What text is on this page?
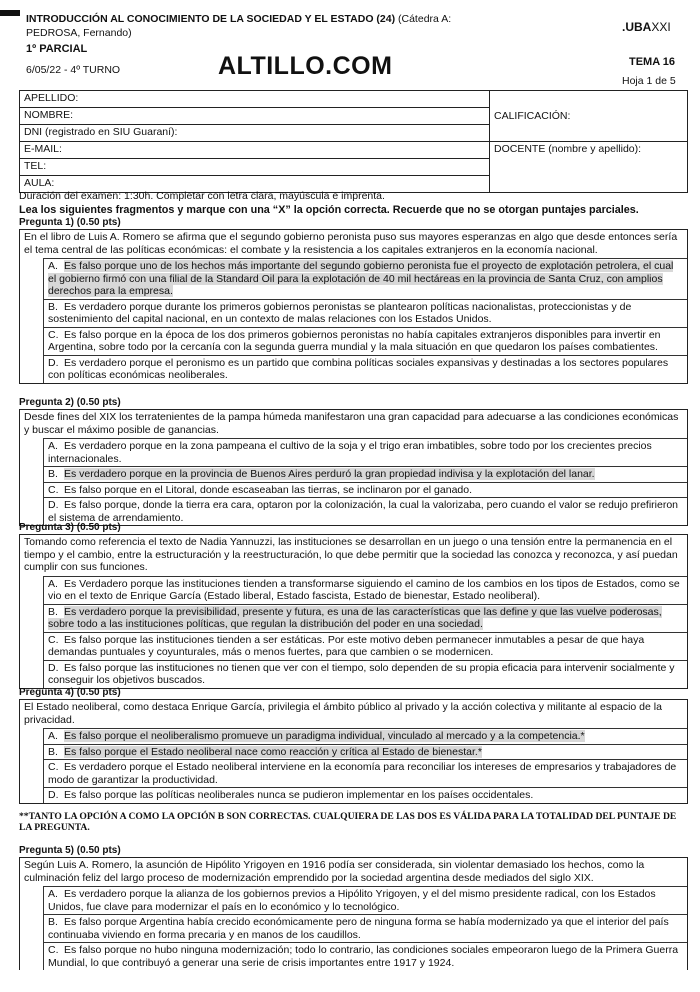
INTRODUCCIÓN AL CONOCIMIENTO DE LA SOCIEDAD Y EL ESTADO (24) (Cátedra A: PEDROSA, Fernando)
1º PARCIAL
6/05/22 - 4º TURNO	ALTILLO.COM
.UBAXXI
TEMA 16
Hoja 1 de 5
APELLIDO:	CALIFICACIÓN:
NOMBRE:	
DNI (registrado en SIU Guaraní):	
E-MAIL:	DOCENTE (nombre y apellido):
TEL:	
AULA:	
Duración del examen: 1:30h. Completar con letra clara, mayúscula e imprenta.
Lea los siguientes fragmentos y marque con una “X” la opción correcta. Recuerde que no se otorgan puntajes parciales.
Pregunta 1) (0.50 pts)
En el libro de Luis A. Romero se afirma que el segundo gobierno peronista puso sus mayores esperanzas en algo que desde entonces sería el tema central de las políticas económicas: el combate y la resistencia a los capitales extranjeros en la economía nacional.
A. Es falso porque uno de los hechos más importante del segundo gobierno peronista fue el proyecto de explotación petrolera, el cual el gobierno firmó con una filial de la Standard Oil para la explotación de 40 mil hectáreas en la provincia de Santa Cruz, con amplios derechos para la empresa.
B. Es verdadero porque durante los primeros gobiernos peronistas se plantearon políticas nacionalistas, proteccionistas y de sostenimiento del capital nacional, en un contexto de malas relaciones con los Estados Unidos.
C. Es falso porque en la época de los dos primeros gobiernos peronistas no había capitales extranjeros disponibles para invertir en Argentina, sobre todo por la cercanía con la segunda guerra mundial y la mala situación en que quedaron los países combatientes.
D. Es verdadero porque el peronismo es un partido que combina políticas sociales expansivas y destinadas a los sectores populares con políticas económicas neoliberales.
Pregunta 2) (0.50 pts)
Desde fines del XIX los terratenientes de la pampa húmeda manifestaron una gran capacidad para adecuarse a las condiciones económicas y buscar el máximo posible de ganancias.
A. Es verdadero porque en la zona pampeana el cultivo de la soja y el trigo eran imbatibles, sobre todo por los crecientes precios internacionales.
B. Es verdadero porque en la provincia de Buenos Aires perduró la gran propiedad indivisa y la explotación del lanar.
C. Es falso porque en el Litoral, donde escaseaban las tierras, se inclinaron por el ganado.
D. Es falso porque, donde la tierra era cara, optaron por la colonización, la cual la valorizaba, pero cuando el valor se redujo prefirieron el sistema de arrendamiento.
Pregunta 3) (0.50 pts)
Tomando como referencia el texto de Nadia Yannuzzi, las instituciones se desarrollan en un juego o una tensión entre la permanencia en el tiempo y el cambio, entre la estructuración y la reestructuración, lo que debe permitir que la sociedad las conozca y reconozca, y así puedan cumplir con sus funciones.
A. Es Verdadero porque las instituciones tienden a transformarse siguiendo el camino de los cambios en los tipos de Estados, como se vio en el texto de Enrique García (Estado liberal, Estado fascista, Estado de bienestar, Estado neoliberal).
B. Es verdadero porque la previsibilidad, presente y futura, es una de las características que las define y que las vuelve poderosas, sobre todo a las instituciones políticas, que regulan la distribución del poder en una sociedad.
C. Es falso porque las instituciones tienden a ser estáticas. Por este motivo deben permanecer inmutables a pesar de que haya demandas puntuales y coyunturales, más o menos fuertes, para que cambien o se modernicen.
D. Es falso porque las instituciones no tienen que ver con el tiempo, solo dependen de su propia eficacia para intervenir socialmente y conseguir los objetivos buscados.
Pregunta 4) (0.50 pts)
El Estado neoliberal, como destaca Enrique García, privilegia el ámbito público al privado y la acción colectiva y militante al espacio de la privacidad.
A. Es falso porque el neoliberalismo promueve un paradigma individual, vinculado al mercado y a la competencia.*
B. Es falso porque el Estado neoliberal nace como reacción y crítica al Estado de bienestar.*
C. Es verdadero porque el Estado neoliberal interviene en la economía para reconciliar los intereses de empresarios y trabajadores de modo de garantizar la productividad.
D. Es falso porque las políticas neoliberales nunca se pudieron implementar en los países occidentales.
**TANTO LA OPCIÓN A COMO LA OPCIÓN B SON CORRECTAS. CUALQUIERA DE LAS DOS ES VÁLIDA PARA LA TOTALIDAD DEL PUNTAJE DE LA PREGUNTA.
Pregunta 5) (0.50 pts)
Según Luis A. Romero, la asunción de Hipólito Yrigoyen en 1916 podía ser considerada, sin violentar demasiado los hechos, como la culminación feliz del largo proceso de modernización emprendido por la sociedad argentina desde mediados del siglo XIX.
A. Es verdadero porque la alianza de los gobiernos previos a Hipólito Yrigoyen, y el del mismo presidente radical, con los Estados Unidos, fue clave para modernizar el país en lo económico y lo tecnológico.
B. Es falso porque Argentina había crecido económicamente pero de ninguna forma se había modernizado ya que el interior del país continuaba viviendo en forma precaria y en manos de los caudillos.
C. Es falso porque no hubo ninguna modernización; todo lo contrario, las condiciones sociales empeoraron luego de la Primera Guerra Mundial, lo que contribuyó a generar una serie de crisis importantes entre 1917 y 1924.
